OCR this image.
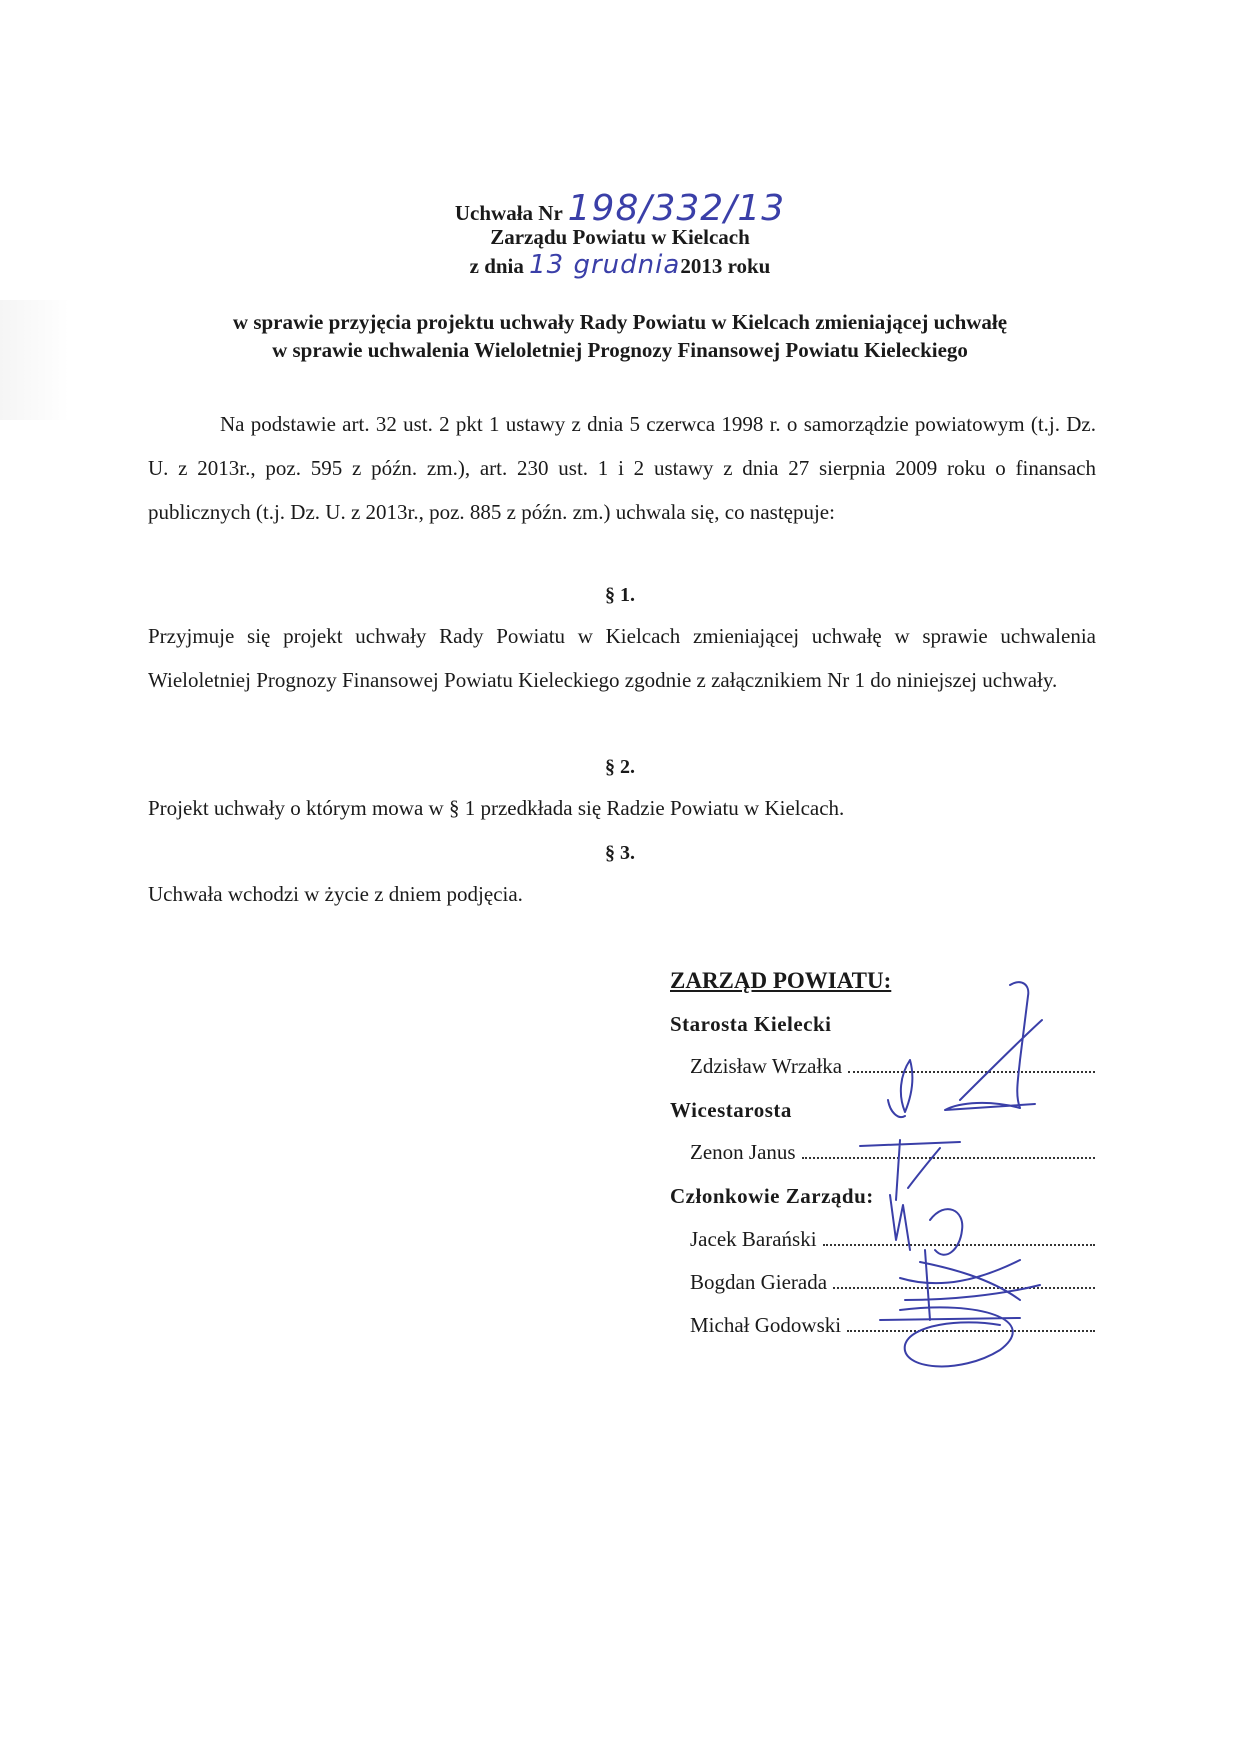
Uchwała Nr 198/332/13
Zarządu Powiatu w Kielcach
z dnia 13 grudnia2013 roku
w sprawie przyjęcia projektu uchwały Rady Powiatu w Kielcach zmieniającej uchwałę
w sprawie uchwalenia Wieloletniej Prognozy Finansowej Powiatu Kieleckiego
Na podstawie art. 32 ust. 2 pkt 1 ustawy z dnia 5 czerwca 1998 r. o samorządzie powiatowym (t.j. Dz. U. z 2013r., poz. 595 z późn. zm.), art. 230 ust. 1 i 2 ustawy z dnia 27 sierpnia 2009 roku o finansach publicznych (t.j. Dz. U. z 2013r., poz. 885 z późn. zm.) uchwala się, co następuje:
§ 1.
Przyjmuje się projekt uchwały Rady Powiatu w Kielcach zmieniającej uchwałę w sprawie uchwalenia Wieloletniej Prognozy Finansowej Powiatu Kieleckiego zgodnie z załącznikiem Nr 1 do niniejszej uchwały.
§ 2.
Projekt uchwały o którym mowa w § 1 przedkłada się Radzie Powiatu w Kielcach.
§ 3.
Uchwała wchodzi w życie z dniem podjęcia.
ZARZĄD POWIATU:
Starosta Kielecki
Zdzisław Wrzałka
Wicestarosta
Zenon Janus
Członkowie Zarządu:
Jacek Barański
Bogdan Gierada
Michał Godowski
